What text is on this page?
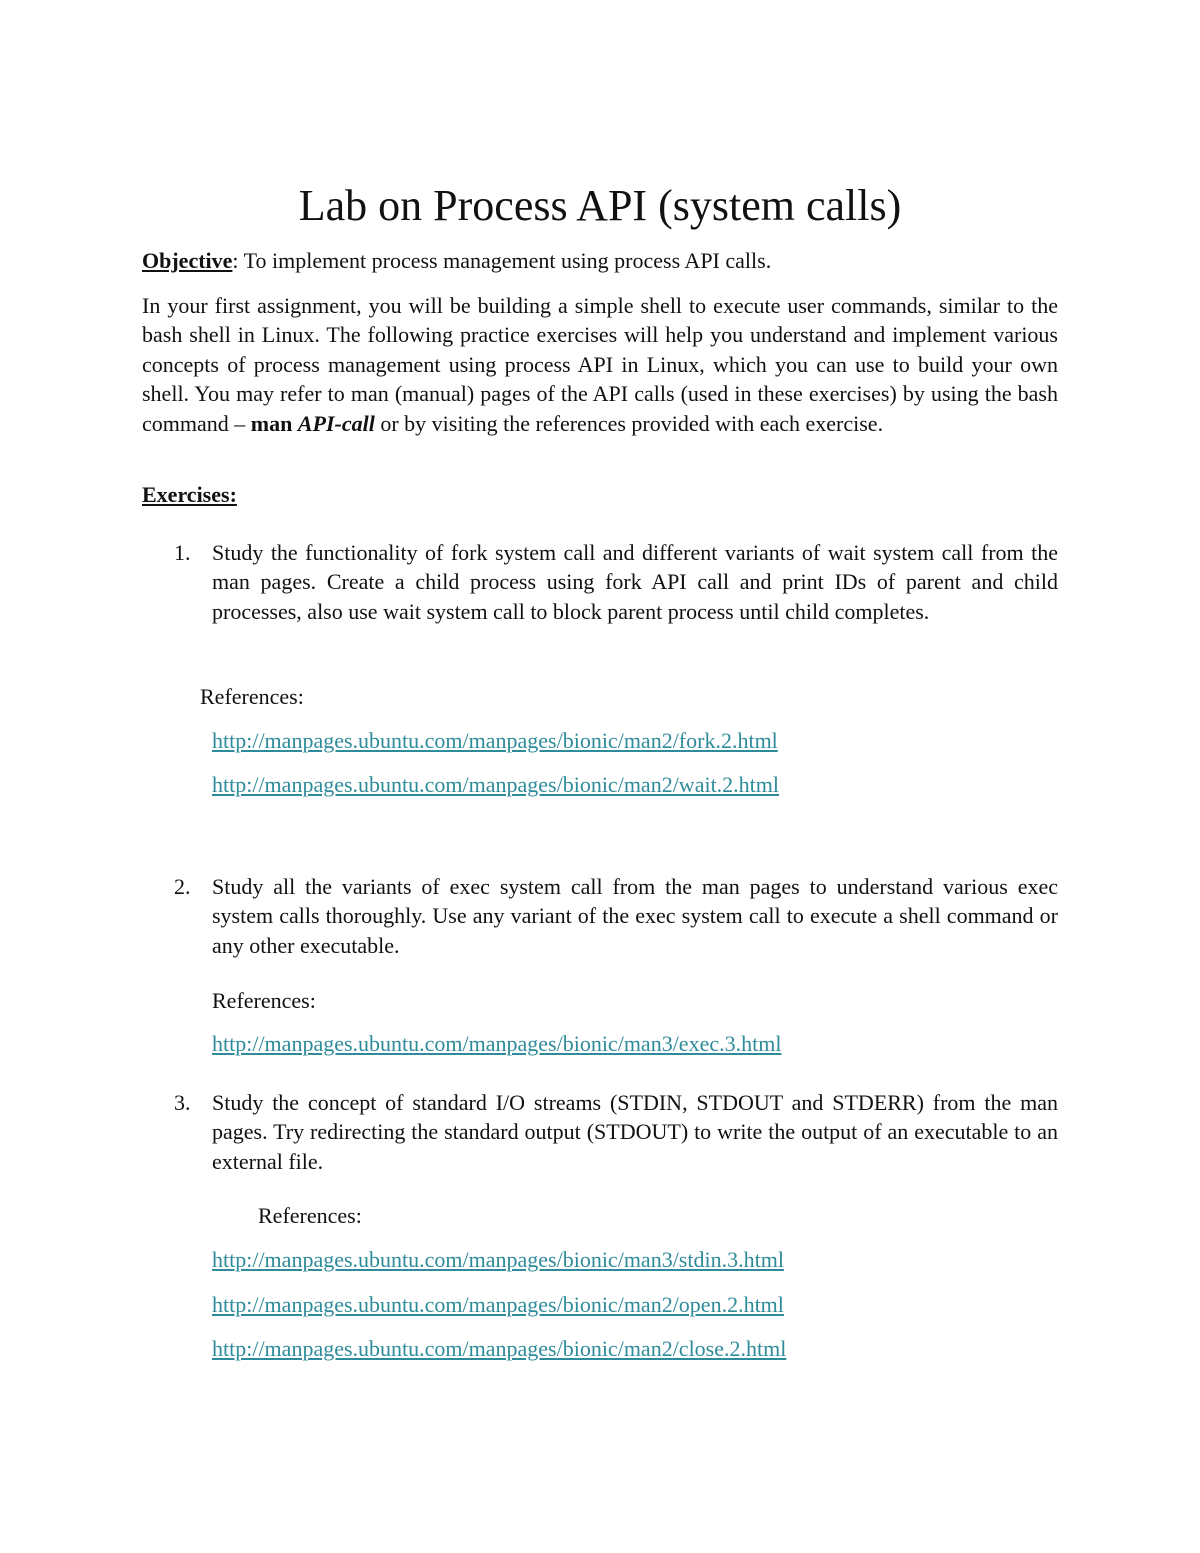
Lab on Process API (system calls)

Objective: To implement process management using process API calls.

In your first assignment, you will be building a simple shell to execute user commands, similar to the bash shell in Linux. The following practice exercises will help you understand and implement various concepts of process management using process API in Linux, which you can use to build your own shell. You may refer to man (manual) pages of the API calls (used in these exercises) by using the bash command – man API-call or by visiting the references provided with each exercise.

Exercises:

1. Study the functionality of fork system call and different variants of wait system call from the man pages. Create a child process using fork API call and print IDs of parent and child processes, also use wait system call to block parent process until child completes.

References:

http://manpages.ubuntu.com/manpages/bionic/man2/fork.2.html
http://manpages.ubuntu.com/manpages/bionic/man2/wait.2.html
2. Study all the variants of exec system call from the man pages to understand various exec system calls thoroughly. Use any variant of the exec system call to execute a shell command or any other executable.

References:

http://manpages.ubuntu.com/manpages/bionic/man3/exec.3.html
3. Study the concept of standard I/O streams (STDIN, STDOUT and STDERR) from the man pages. Try redirecting the standard output (STDOUT) to write the output of an executable to an external file.

References:

http://manpages.ubuntu.com/manpages/bionic/man3/stdin.3.html
http://manpages.ubuntu.com/manpages/bionic/man2/open.2.html
http://manpages.ubuntu.com/manpages/bionic/man2/close.2.html
